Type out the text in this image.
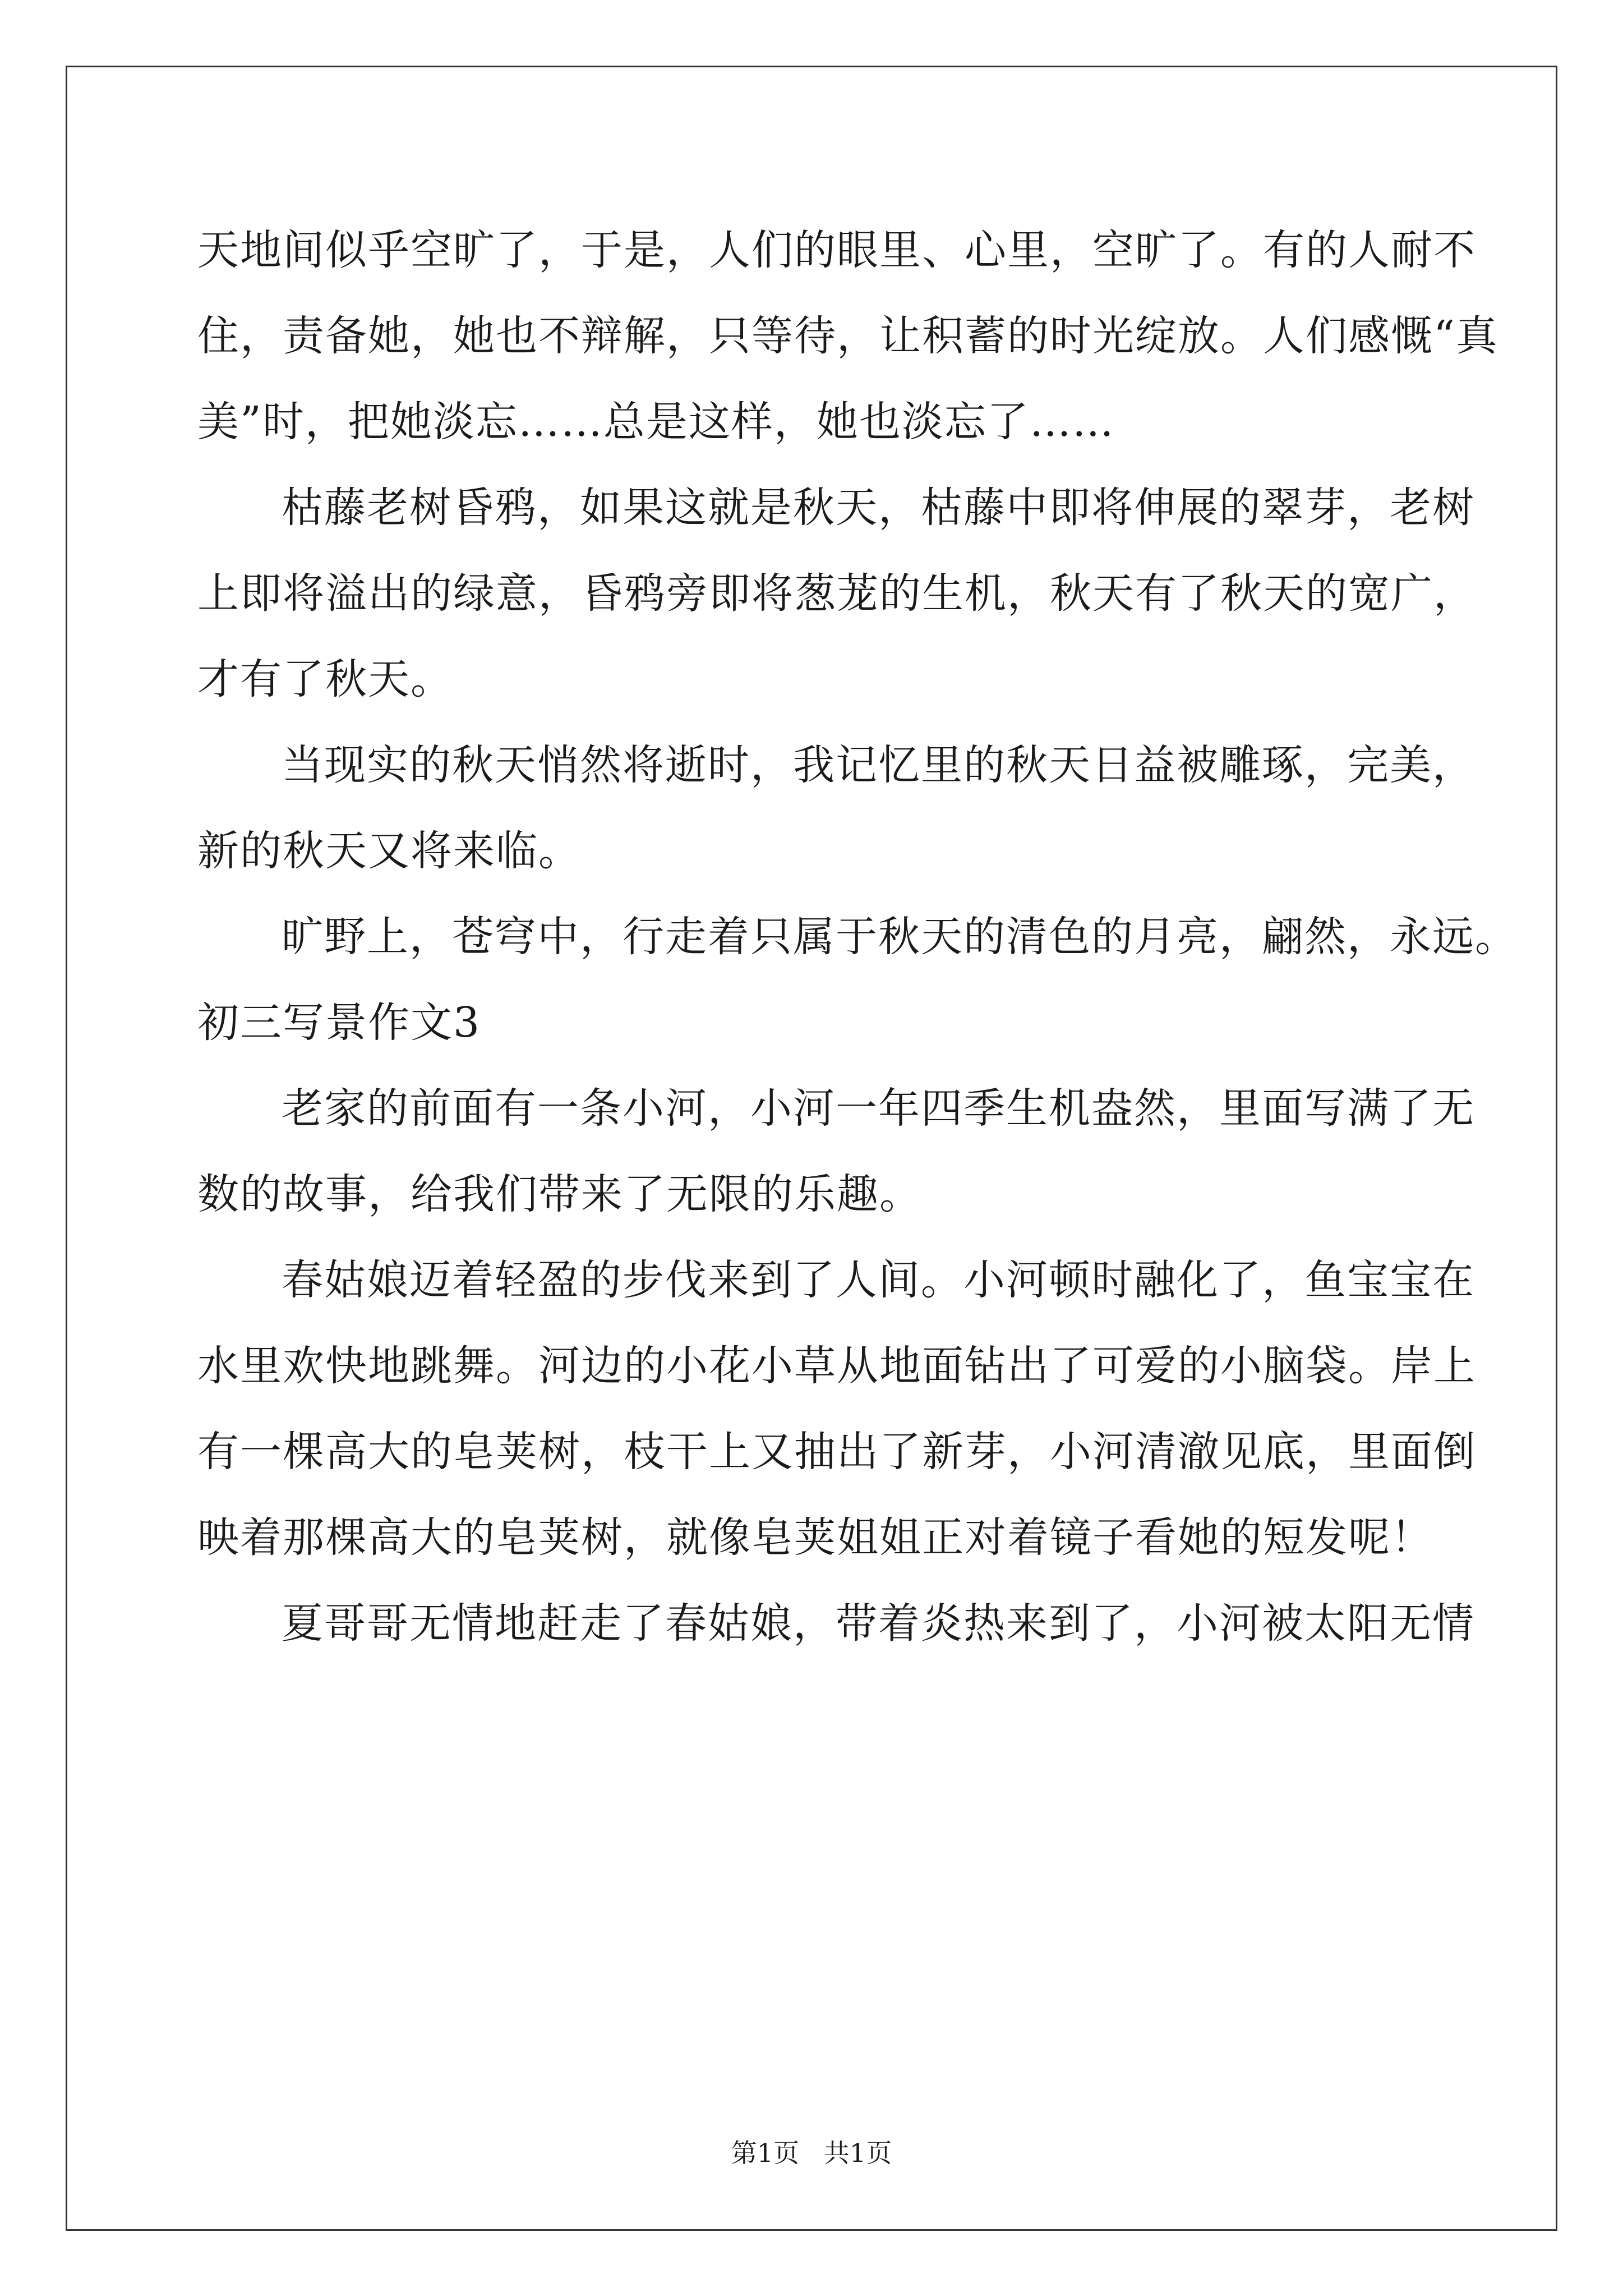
天地间似乎空旷了，于是，人们的眼里、心里，空旷了。有的人耐不
住，责备她，她也不辩解，只等待，让积蓄的时光绽放。人们感慨“真
美”时，把她淡忘……总是这样，她也淡忘了……
枯藤老树昏鸦，如果这就是秋天，枯藤中即将伸展的翠芽，老树
上即将溢出的绿意，昏鸦旁即将葱茏的生机，秋天有了秋天的宽广，
才有了秋天。
当现实的秋天悄然将逝时，我记忆里的秋天日益被雕琢，完美，
新的秋天又将来临。
旷野上，苍穹中，行走着只属于秋天的清色的月亮，翩然，永远。
初三写景作文3
老家的前面有一条小河，小河一年四季生机盎然，里面写满了无
数的故事，给我们带来了无限的乐趣。
春姑娘迈着轻盈的步伐来到了人间。小河顿时融化了，鱼宝宝在
水里欢快地跳舞。河边的小花小草从地面钻出了可爱的小脑袋。岸上
有一棵高大的皂荚树，枝干上又抽出了新芽，小河清澈见底，里面倒
映着那棵高大的皂荚树，就像皂荚姐姐正对着镜子看她的短发呢！
夏哥哥无情地赶走了春姑娘，带着炎热来到了，小河被太阳无情
第1页   共1页
